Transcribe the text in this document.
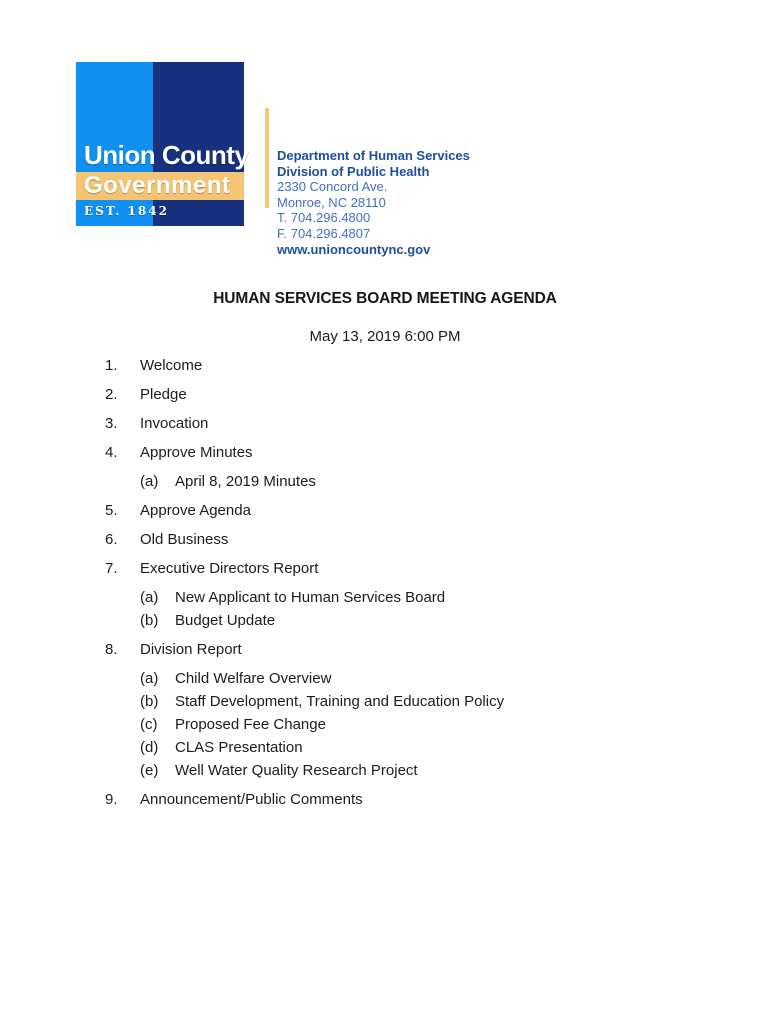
Union County
Government
EST. 1842
Department of Human Services
Division of Public Health
2330 Concord Ave.
Monroe, NC 28110
T. 704.296.4800
F. 704.296.4807
www.unioncountync.gov
HUMAN SERVICES BOARD MEETING AGENDA
May 13, 2019 6:00 PM
1.	Welcome
2.	Pledge
3.	Invocation
4.	Approve Minutes
(a)	April 8, 2019 Minutes
5.	Approve Agenda
6.	Old Business
7.	Executive Directors Report
(a)	New Applicant to Human Services Board
(b)	Budget Update
8.	Division Report
(a)	Child Welfare Overview
(b)	Staff Development, Training and Education Policy
(c)	Proposed Fee Change
(d)	CLAS Presentation
(e)	Well Water Quality Research Project
9.	Announcement/Public Comments
